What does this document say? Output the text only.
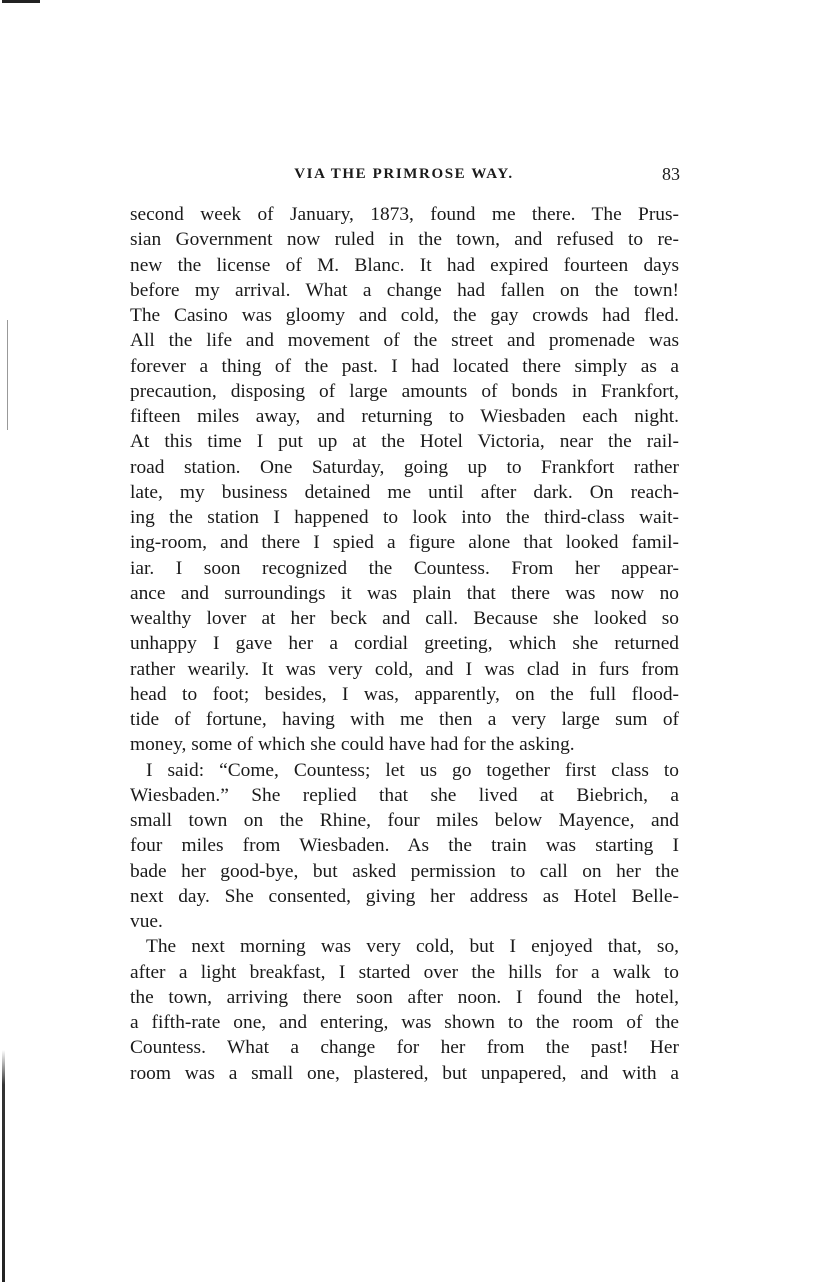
VIA THE PRIMROSE WAY.	83
second week of January, 1873, found me there. The Prus-
sian Government now ruled in the town, and refused to re-
new the license of M. Blanc. It had expired fourteen days
before my arrival. What a change had fallen on the town!
The Casino was gloomy and cold, the gay crowds had fled.
All the life and movement of the street and promenade was
forever a thing of the past. I had located there simply as a
precaution, disposing of large amounts of bonds in Frankfort,
fifteen miles away, and returning to Wiesbaden each night.
At this time I put up at the Hotel Victoria, near the rail-
road station. One Saturday, going up to Frankfort rather
late, my business detained me until after dark. On reach-
ing the station I happened to look into the third-class wait-
ing-room, and there I spied a figure alone that looked famil-
iar. I soon recognized the Countess. From her appear-
ance and surroundings it was plain that there was now no
wealthy lover at her beck and call. Because she looked so
unhappy I gave her a cordial greeting, which she returned
rather wearily. It was very cold, and I was clad in furs from
head to foot; besides, I was, apparently, on the full flood-
tide of fortune, having with me then a very large sum of
money, some of which she could have had for the asking.
I said: “Come, Countess; let us go together first class to
Wiesbaden.” She replied that she lived at Biebrich, a
small town on the Rhine, four miles below Mayence, and
four miles from Wiesbaden. As the train was starting I
bade her good-bye, but asked permission to call on her the
next day. She consented, giving her address as Hotel Belle-
vue.
The next morning was very cold, but I enjoyed that, so,
after a light breakfast, I started over the hills for a walk to
the town, arriving there soon after noon. I found the hotel,
a fifth-rate one, and entering, was shown to the room of the
Countess. What a change for her from the past! Her
room was a small one, plastered, but unpapered, and with a
